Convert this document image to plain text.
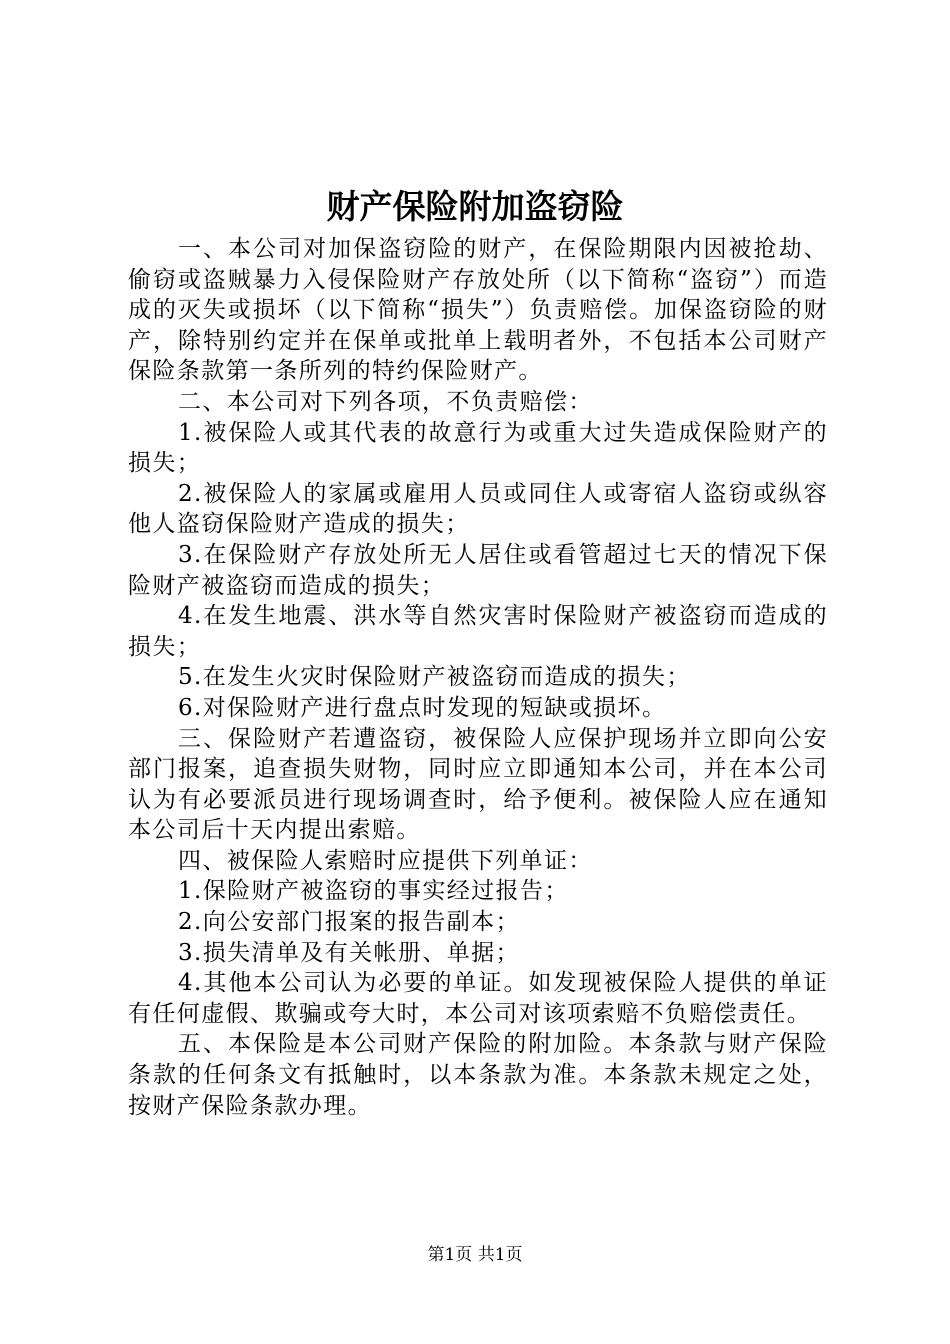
财产保险附加盗窃险

一、本公司对加保盗窃险的财产，在保险期限内因被抢劫、偷窃或盗贼暴力入侵保险财产存放处所（以下简称“盗窃”）而造成的灭失或损坏（以下简称“损失”）负责赔偿。加保盗窃险的财产，除特别约定并在保单或批单上载明者外，不包括本公司财产保险条款第一条所列的特约保险财产。

二、本公司对下列各项，不负责赔偿：

1.被保险人或其代表的故意行为或重大过失造成保险财产的损失；

2.被保险人的家属或雇用人员或同住人或寄宿人盗窃或纵容他人盗窃保险财产造成的损失；

3.在保险财产存放处所无人居住或看管超过七天的情况下保险财产被盗窃而造成的损失；

4.在发生地震、洪水等自然灾害时保险财产被盗窃而造成的损失；

5.在发生火灾时保险财产被盗窃而造成的损失；

6.对保险财产进行盘点时发现的短缺或损坏。

三、保险财产若遭盗窃，被保险人应保护现场并立即向公安部门报案，追查损失财物，同时应立即通知本公司，并在本公司认为有必要派员进行现场调查时，给予便利。被保险人应在通知本公司后十天内提出索赔。

四、被保险人索赔时应提供下列单证：

1.保险财产被盗窃的事实经过报告；

2.向公安部门报案的报告副本；

3.损失清单及有关帐册、单据；

4.其他本公司认为必要的单证。如发现被保险人提供的单证有任何虚假、欺骗或夸大时，本公司对该项索赔不负赔偿责任。

五、本保险是本公司财产保险的附加险。本条款与财产保险条款的任何条文有抵触时，以本条款为准。本条款未规定之处，按财产保险条款办理。

第1页 共1页
